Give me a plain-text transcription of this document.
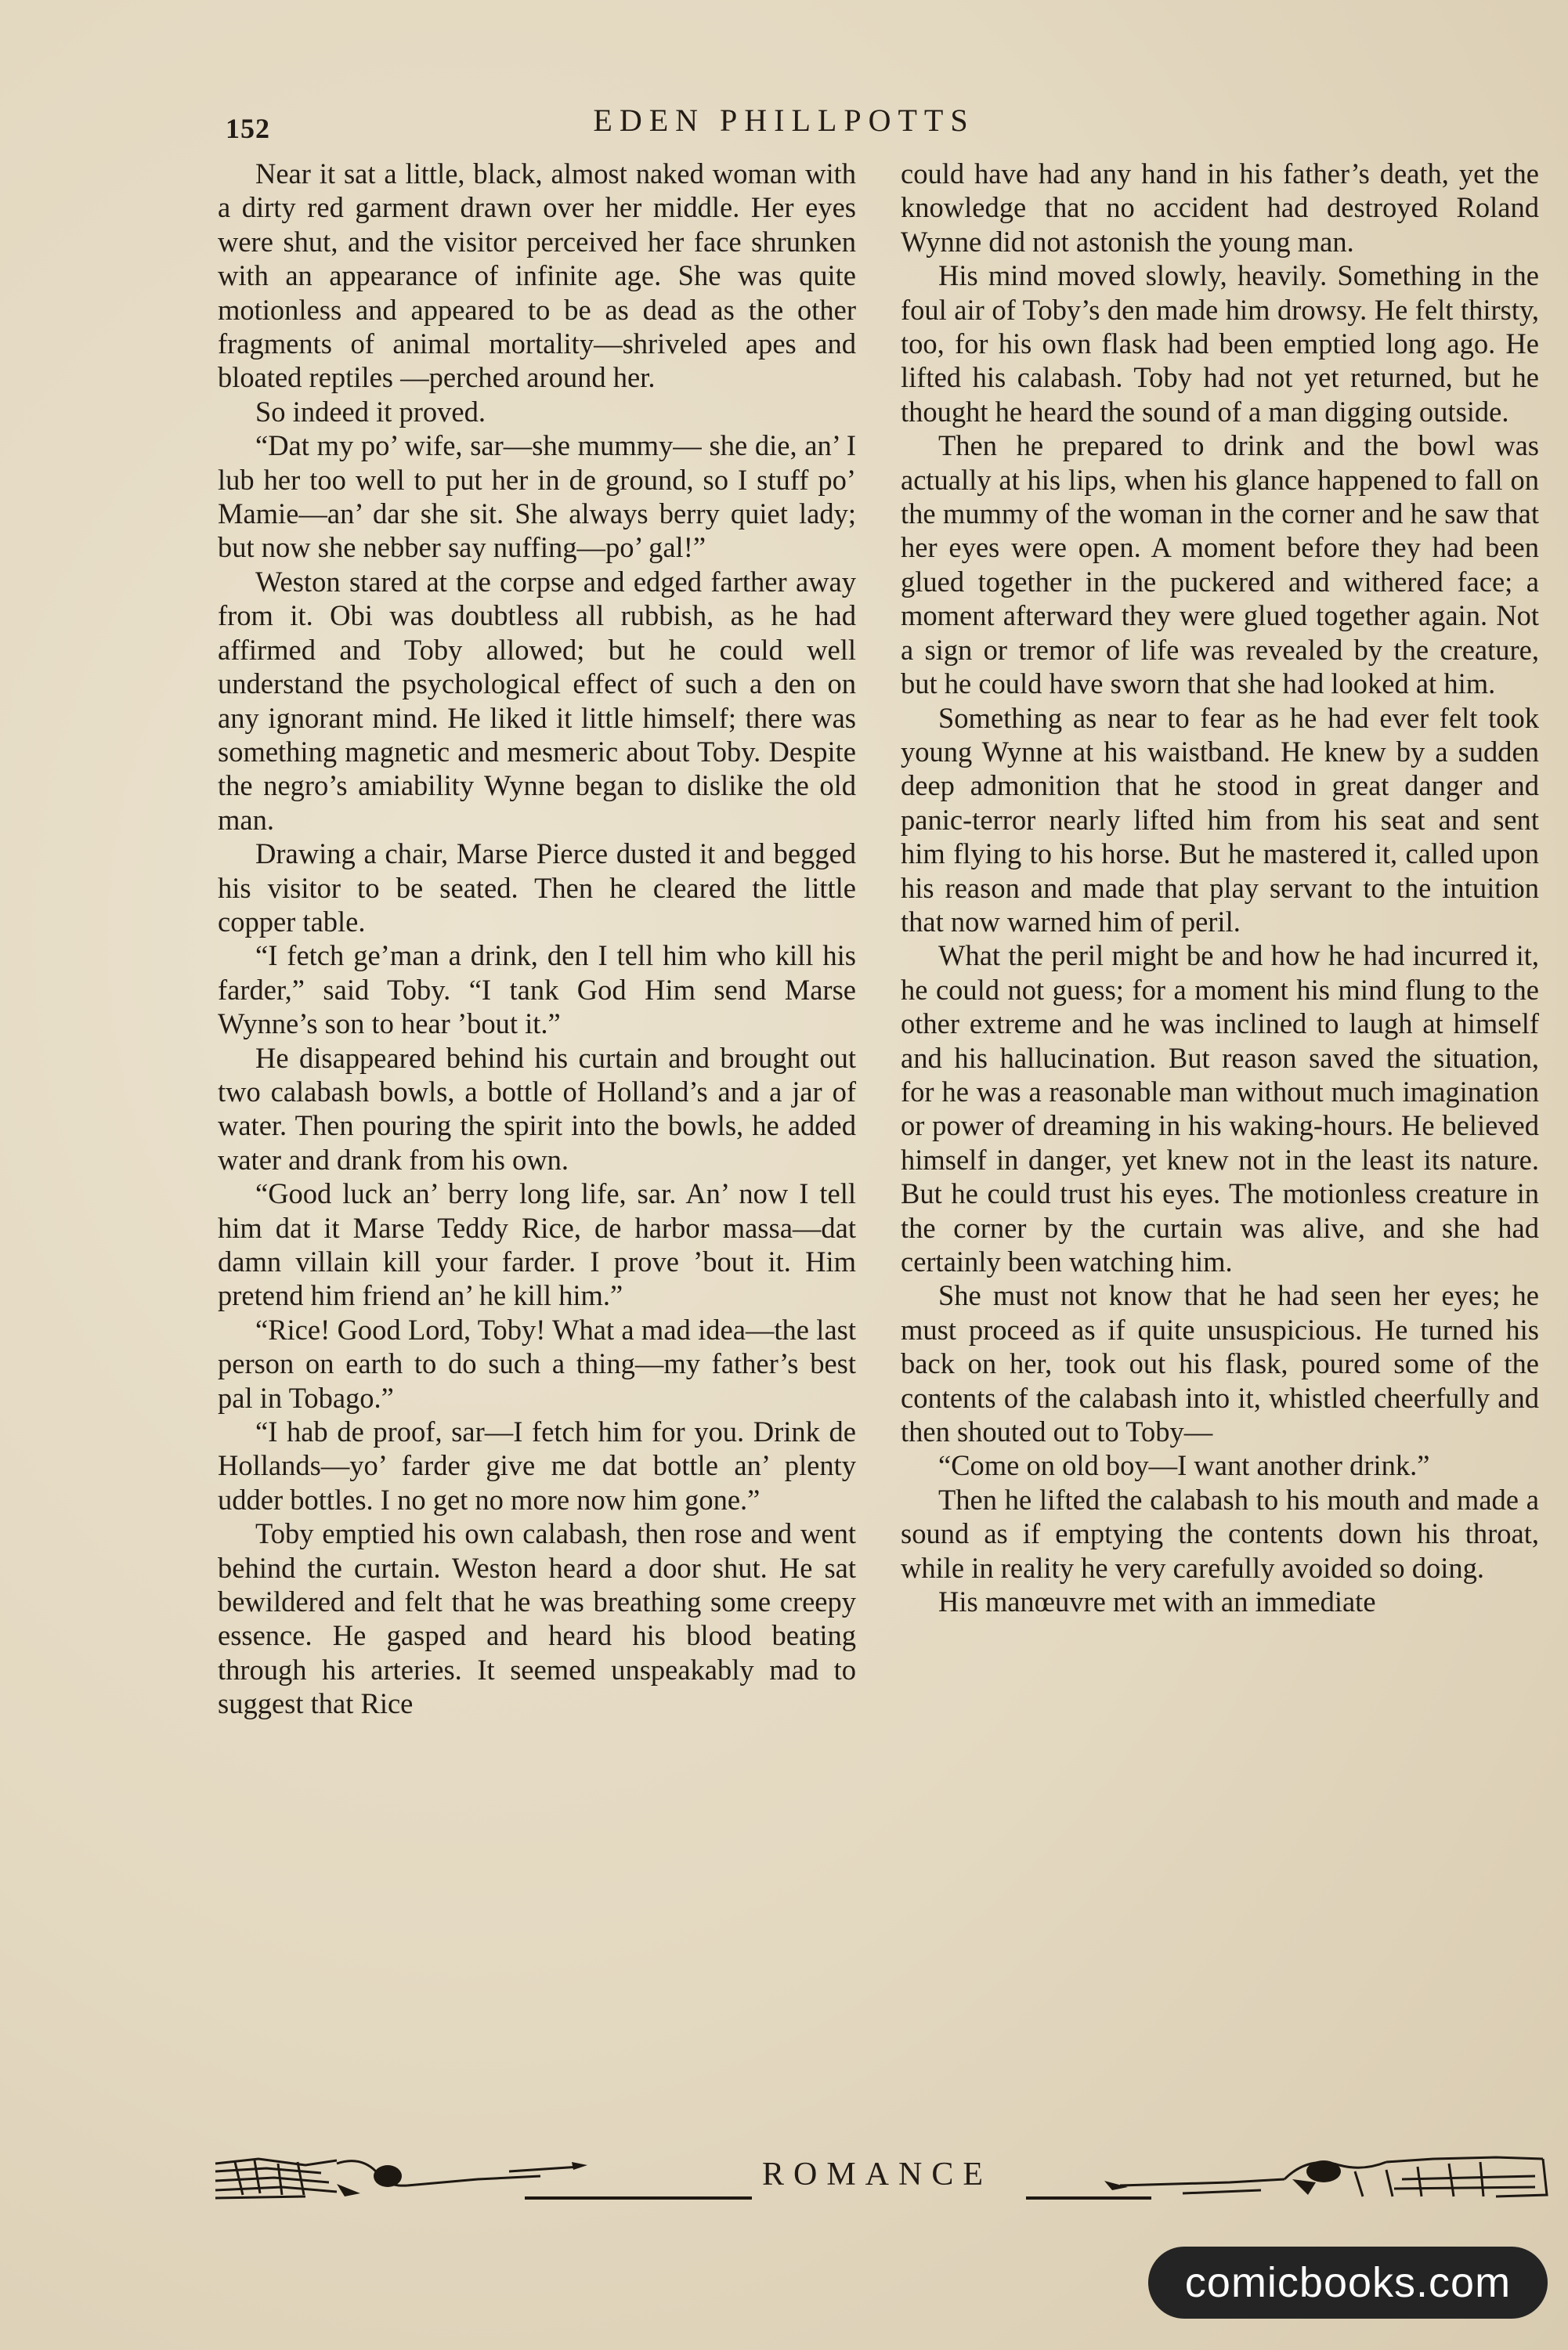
152	EDEN PHILLPOTTS

Near it sat a little, black, almost naked woman with a dirty red garment drawn over her middle. Her eyes were shut, and the visitor perceived her face shrunken with an appearance of infinite age. She was quite motionless and appeared to be as dead as the other fragments of animal mortality—shriveled apes and bloated reptiles —perched around her.

So indeed it proved.

“Dat my po’ wife, sar—she mummy— she die, an’ I lub her too well to put her in de ground, so I stuff po’ Mamie—an’ dar she sit. She always berry quiet lady; but now she nebber say nuffing—po’ gal!”

Weston stared at the corpse and edged farther away from it. Obi was doubtless all rubbish, as he had affirmed and Toby allowed; but he could well understand the psychological effect of such a den on any ignorant mind. He liked it little himself; there was something magnetic and mesmeric about Toby. Despite the negro’s amiability Wynne began to dislike the old man.

Drawing a chair, Marse Pierce dusted it and begged his visitor to be seated. Then he cleared the little copper table.

“I fetch ge’man a drink, den I tell him who kill his farder,” said Toby. “I tank God Him send Marse Wynne’s son to hear ’bout it.”

He disappeared behind his curtain and brought out two calabash bowls, a bottle of Holland’s and a jar of water. Then pouring the spirit into the bowls, he added water and drank from his own.

“Good luck an’ berry long life, sar. An’ now I tell him dat it Marse Teddy Rice, de harbor massa—dat damn villain kill your farder. I prove ’bout it. Him pretend him friend an’ he kill him.”

“Rice! Good Lord, Toby! What a mad idea—the last person on earth to do such a thing—my father’s best pal in Tobago.”

“I hab de proof, sar—I fetch him for you. Drink de Hollands—yo’ farder give me dat bottle an’ plenty udder bottles. I no get no more now him gone.”

Toby emptied his own calabash, then rose and went behind the curtain. Weston heard a door shut. He sat bewildered and felt that he was breathing some creepy essence. He gasped and heard his blood beating through his arteries. It seemed unspeakably mad to suggest that Rice

could have had any hand in his father’s death, yet the knowledge that no accident had destroyed Roland Wynne did not astonish the young man.

His mind moved slowly, heavily. Something in the foul air of Toby’s den made him drowsy. He felt thirsty, too, for his own flask had been emptied long ago. He lifted his calabash. Toby had not yet returned, but he thought he heard the sound of a man digging outside.

Then he prepared to drink and the bowl was actually at his lips, when his glance happened to fall on the mummy of the woman in the corner and he saw that her eyes were open. A moment before they had been glued together in the puckered and withered face; a moment afterward they were glued together again. Not a sign or tremor of life was revealed by the creature, but he could have sworn that she had looked at him.

Something as near to fear as he had ever felt took young Wynne at his waistband. He knew by a sudden deep admonition that he stood in great danger and panic-terror nearly lifted him from his seat and sent him flying to his horse. But he mastered it, called upon his reason and made that play servant to the intuition that now warned him of peril.

What the peril might be and how he had incurred it, he could not guess; for a moment his mind flung to the other extreme and he was inclined to laugh at himself and his hallucination. But reason saved the situation, for he was a reasonable man without much imagination or power of dreaming in his waking-hours. He believed himself in danger, yet knew not in the least its nature. But he could trust his eyes. The motionless creature in the corner by the curtain was alive, and she had certainly been watching him.

She must not know that he had seen her eyes; he must proceed as if quite unsuspicious. He turned his back on her, took out his flask, poured some of the contents of the calabash into it, whistled cheerfully and then shouted out to Toby—

“Come on old boy—I want another drink.”

Then he lifted the calabash to his mouth and made a sound as if emptying the contents down his throat, while in reality he very carefully avoided so doing.

His manœuvre met with an immediate

ROMANCE
comicbooks.com
